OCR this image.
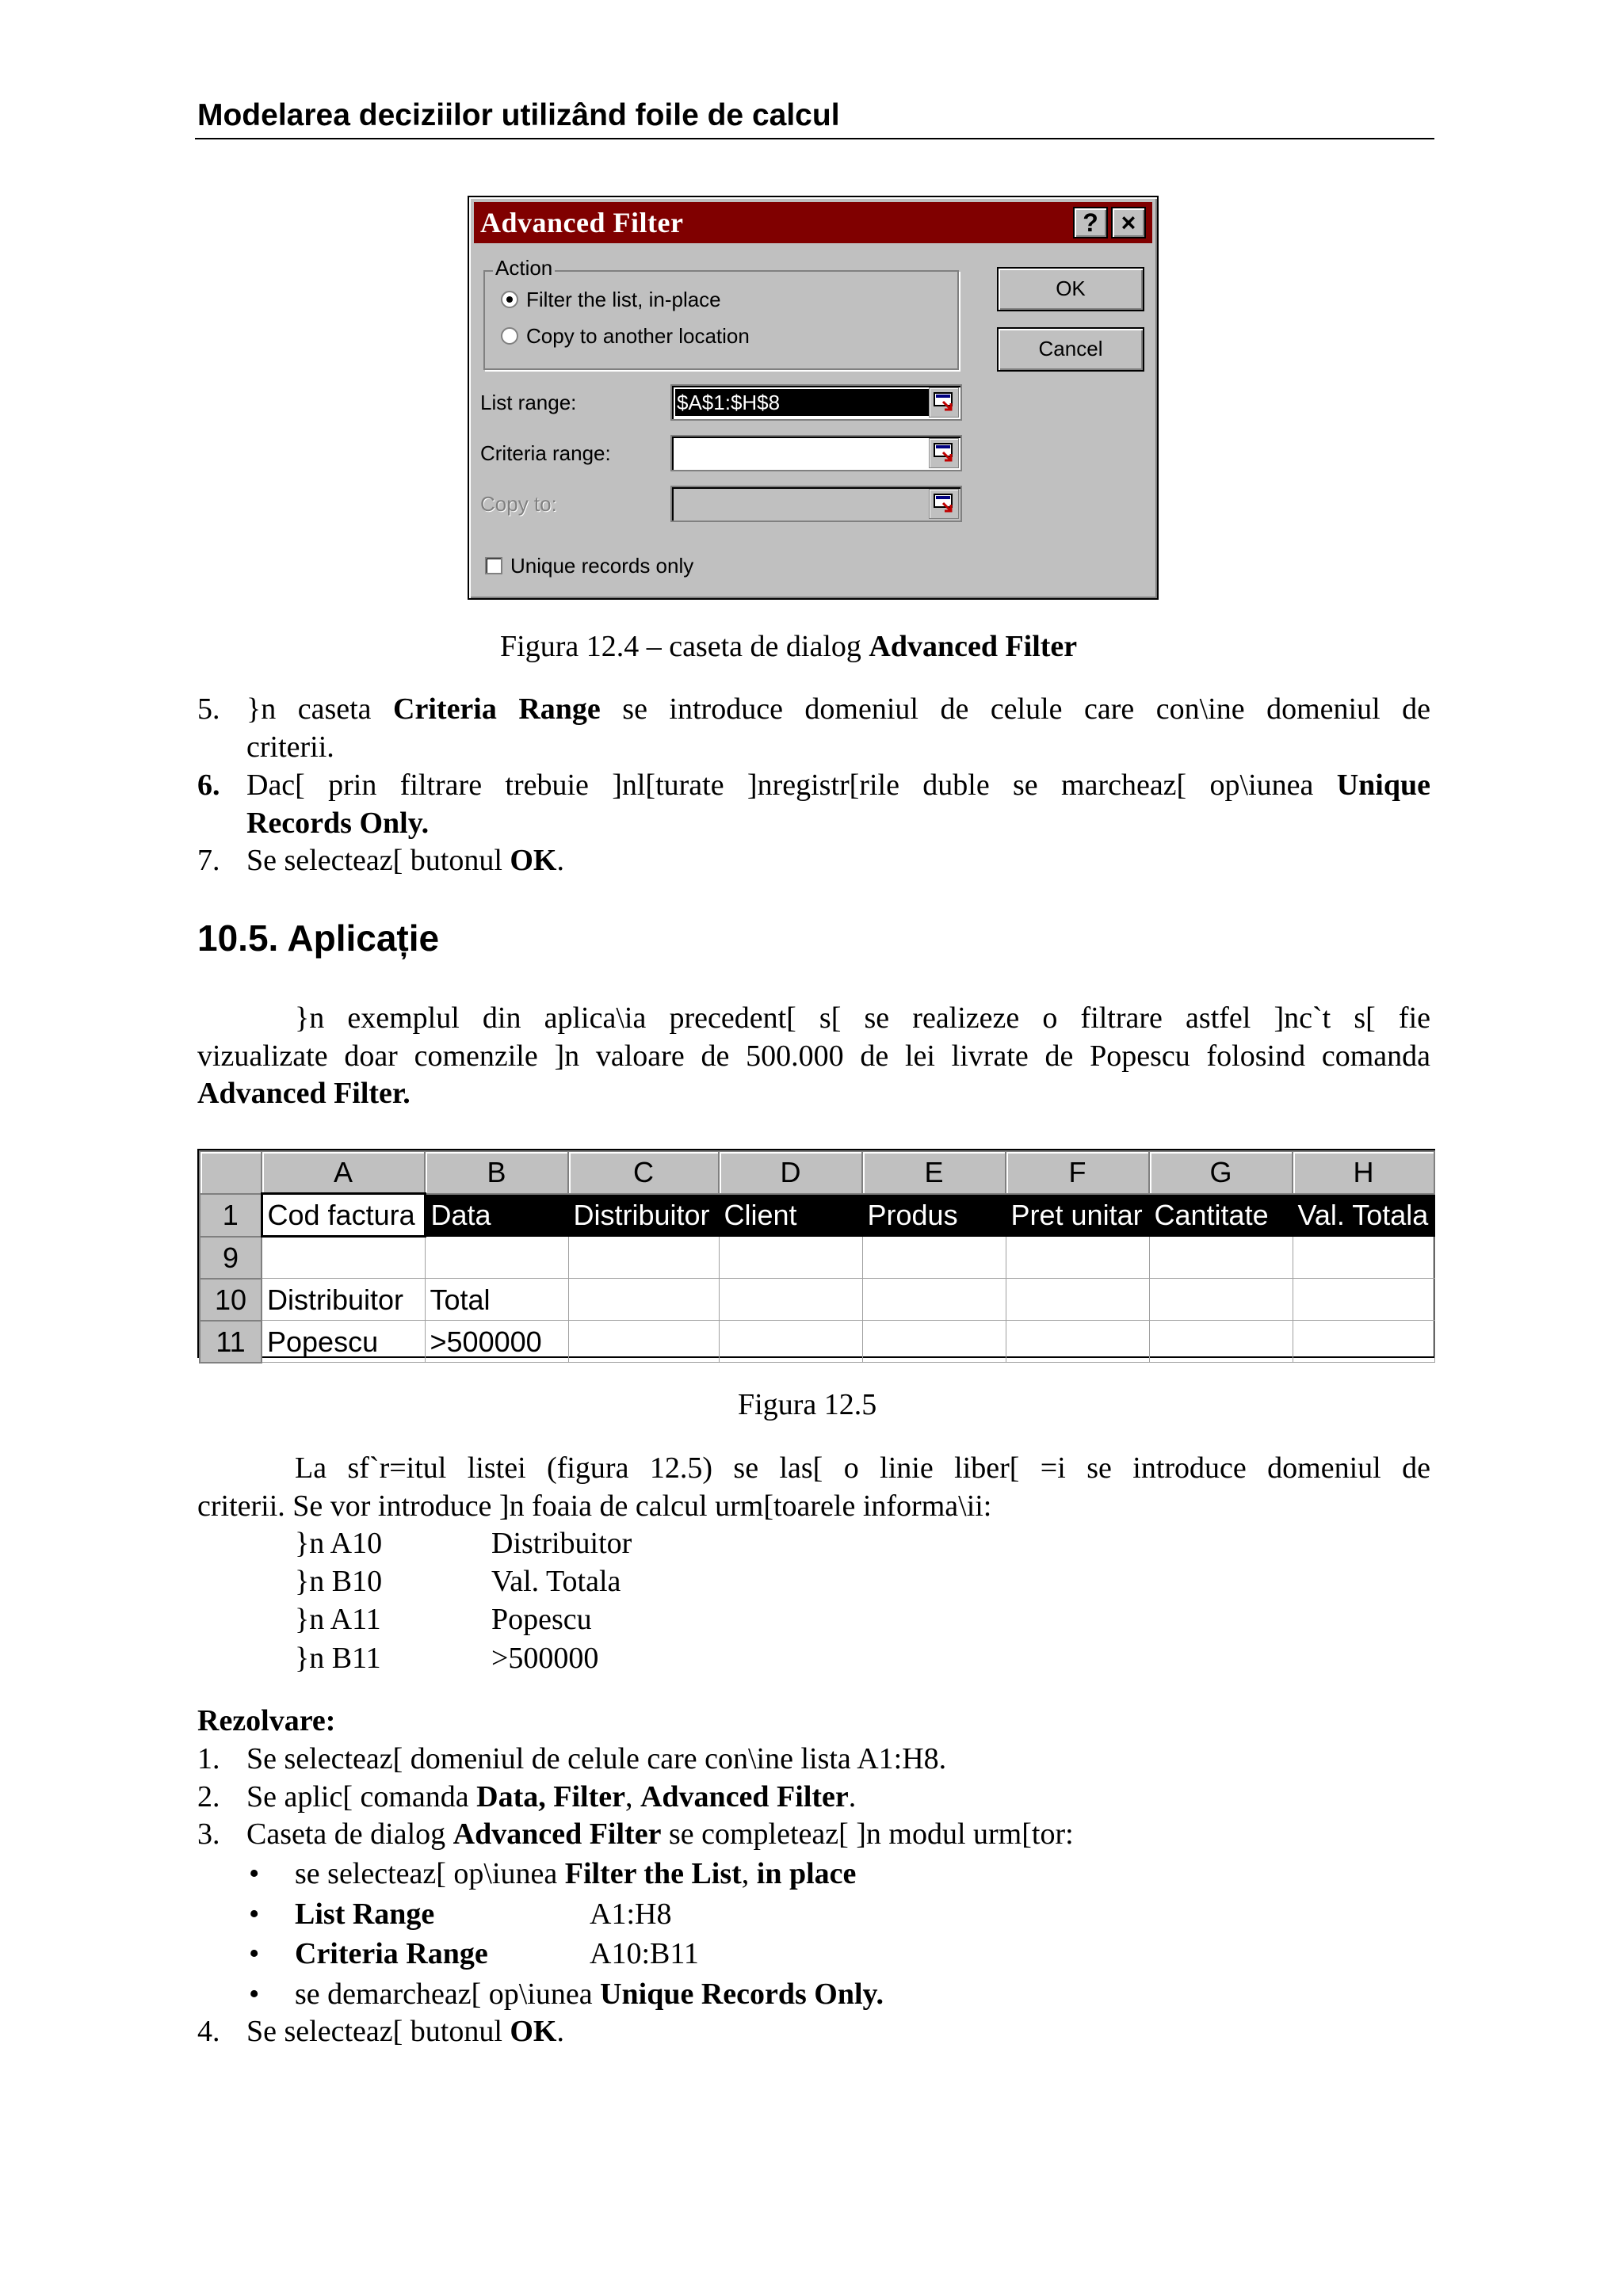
Modelarea deciziilor utilizând foile de calcul
Advanced Filter	? ×
Action
Filter the list, in-place
Copy to another location
OK
Cancel
List range:	$A$1:$H$8
Criteria range:
Copy to:
Unique records only
Figura 12.4 – caseta de dialog Advanced Filter
5. }n caseta Criteria Range se introduce domeniul de celule care con\ine domeniul de
criterii.
6. Dac[ prin filtrare trebuie ]nl[turate ]nregistr[rile duble se marcheaz[ op\iunea Unique
Records Only.
7. Se selecteaz[ butonul OK.
10.5. Aplicație
}n exemplul din aplica\ia precedent[ s[ se realizeze o filtrare astfel ]nc`t s[ fie
vizualizate doar comenzile ]n valoare de 500.000 de lei livrate de Popescu folosind comanda
Advanced Filter.
	A	B	C	D	E	F	G	H
1	Cod factura	Data	Distribuitor	Client	Produs	Pret unitar	Cantitate	Val. Totala
9								
10	Distribuitor	Total						
11	Popescu	>500000						
Figura 12.5
La sf`r=itul listei (figura 12.5) se las[ o linie liber[ =i se introduce domeniul de
criterii. Se vor introduce ]n foaia de calcul urm[toarele informa\ii:
}n A10	Distribuitor
}n B10	Val. Totala
}n A11	Popescu
}n B11	>500000
Rezolvare:
1. Se selecteaz[ domeniul de celule care con\ine lista A1:H8.
2. Se aplic[ comanda Data, Filter, Advanced Filter.
3. Caseta de dialog Advanced Filter se completeaz[ ]n modul urm[tor:
• se selecteaz[ op\iunea Filter the List, in place
• List Range	A1:H8
• Criteria Range	A10:B11
• se demarcheaz[ op\iunea Unique Records Only.
4. Se selecteaz[ butonul OK.
